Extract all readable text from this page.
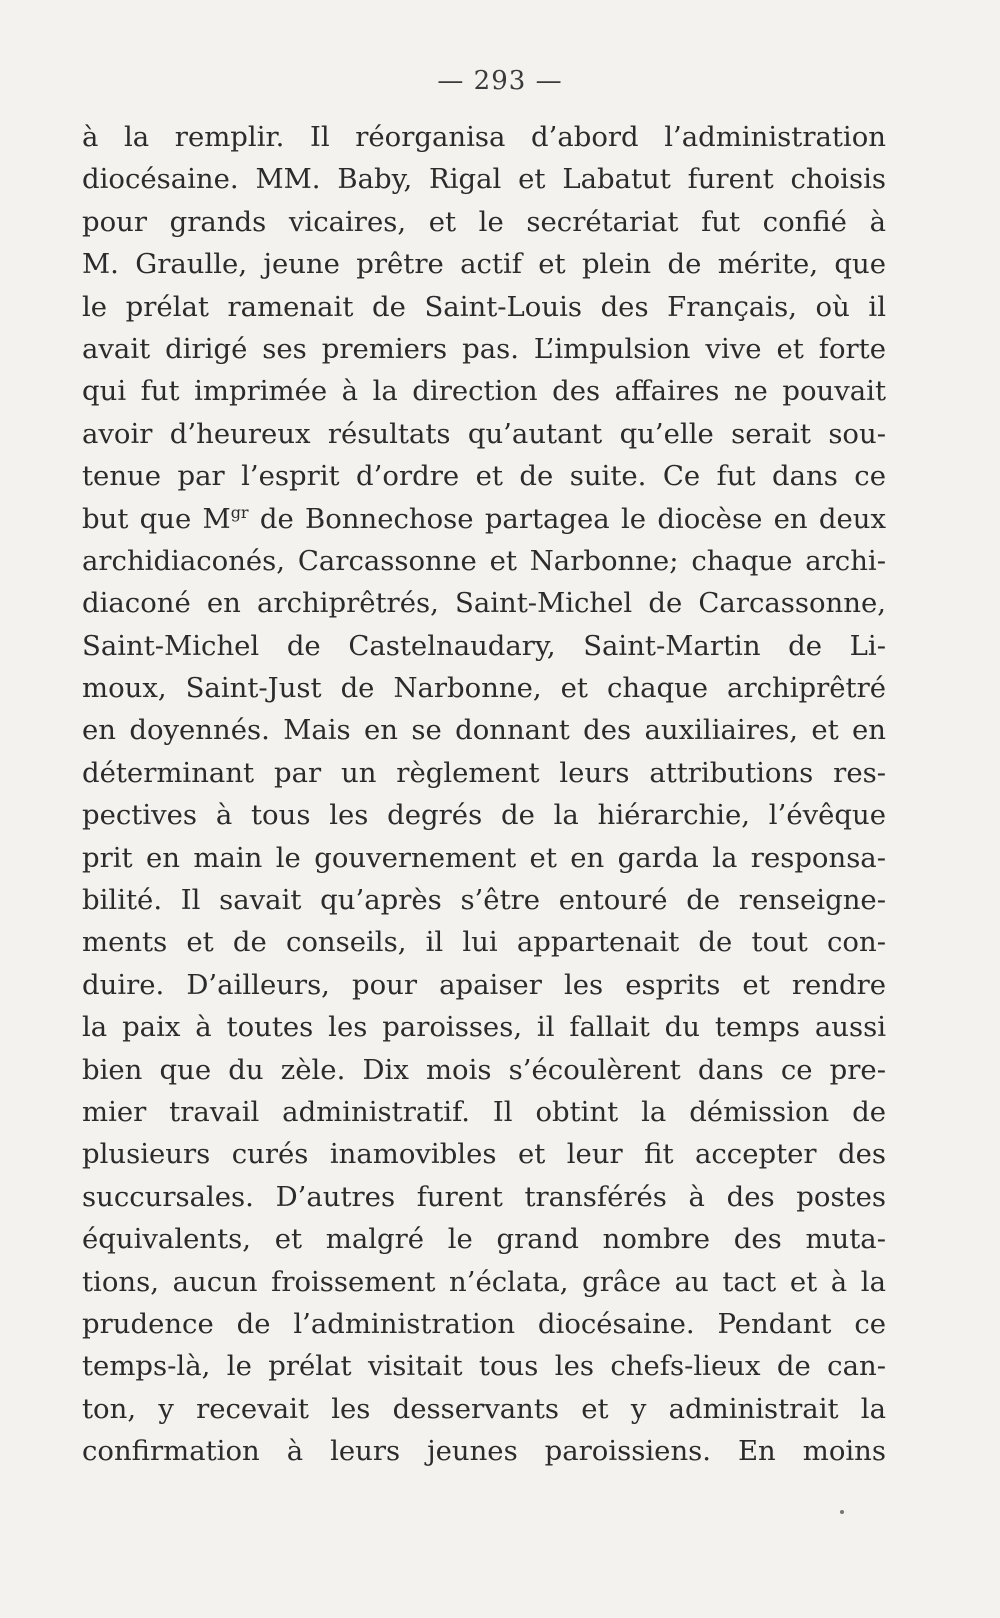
— 293 —
à la remplir. Il réorganisa d’abord l’administration
diocésaine. MM. Baby, Rigal et Labatut furent choisis
pour grands vicaires, et le secrétariat fut confié à
M. Graulle, jeune prêtre actif et plein de mérite, que
le prélat ramenait de Saint-Louis des Français, où il
avait dirigé ses premiers pas. L’impulsion vive et forte
qui fut imprimée à la direction des affaires ne pouvait
avoir d’heureux résultats qu’autant qu’elle serait sou-
tenue par l’esprit d’ordre et de suite. Ce fut dans ce
but que $M^{gr}$ de Bonnechose partagea le diocèse en deux
archidiaconés, Carcassonne et Narbonne; chaque archi-
diaconé en archiprêtrés, Saint-Michel de Carcassonne,
Saint-Michel de Castelnaudary, Saint-Martin de Li-
moux, Saint-Just de Narbonne, et chaque archiprêtré
en doyennés. Mais en se donnant des auxiliaires, et en
déterminant par un règlement leurs attributions res-
pectives à tous les degrés de la hiérarchie, l’évêque
prit en main le gouvernement et en garda la responsa-
bilité. Il savait qu’après s’être entouré de renseigne-
ments et de conseils, il lui appartenait de tout con-
duire. D’ailleurs, pour apaiser les esprits et rendre
la paix à toutes les paroisses, il fallait du temps aussi
bien que du zèle. Dix mois s’écoulèrent dans ce pre-
mier travail administratif. Il obtint la démission de
plusieurs curés inamovibles et leur fit accepter des
succursales. D’autres furent transférés à des postes
équivalents, et malgré le grand nombre des muta-
tions, aucun froissement n’éclata, grâce au tact et à la
prudence de l’administration diocésaine. Pendant ce
temps-là, le prélat visitait tous les chefs-lieux de can-
ton, y recevait les desservants et y administrait la
confirmation à leurs jeunes paroissiens. En moins
